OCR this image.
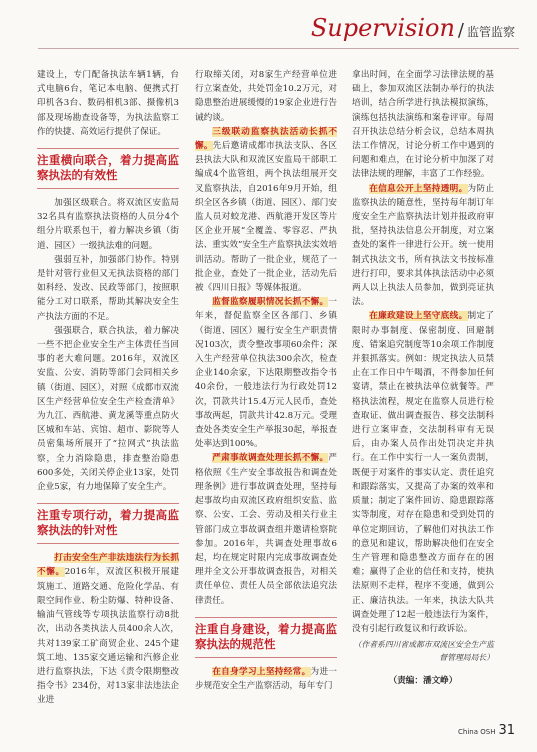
Supervision / 监管监察

建设上，专门配备执法车辆1辆，台式电脑6台，笔记本电脑、便携式打印机各3台、数码相机3部、摄像机3部及现场勘查设备等，为执法监察工作的快捷、高效运行提供了保证。

注重横向联合，着力提高监察执法的有效性

加强区级联合。将双流区安监局32名具有监察执法资格的人员分4个组分片联系包干，着力解决乡镇（街道、园区）一级执法难的问题。

强弱互补，加强部门协作。特别是针对管行业但又无执法资格的部门如科经、发改、民政等部门，按照职能分工对口联系，帮助其解决安全生产执法方面的不足。

强强联合，联合执法，着力解决一些不把企业安全生产主体责任当回事的老大难问题。2016年，双流区安监、公安、消防等部门会同相关乡镇（街道、园区），对照《成都市双流区生产经营单位安全生产检查清单》为九江、西航港、黄龙溪等重点防火区城和车站、宾馆、超市、影院等人员密集场所展开了“拉网式”执法监察，全力消除隐患，排查整治隐患600多处，关闭关停企业13家，处罚企业5家，有力地保障了安全生产。

注重专项行动，着力提高监察执法的针对性

打击安全生产非法违法行为长抓不懈。2016年，双流区积极开展建筑施工、道路交通、危险化学品、有限空间作业、粉尘防爆、特种设备、输油气管线等专项执法监察行动8批次，出动各类执法人员400余人次，共对139家工矿商贸企业、245个建筑工地、135家交通运输和汽修企业进行监察执法，下达《责令限期整改指令书》234份，对13家非法违法企业进

行取缔关闭，对8家生产经营单位进行立案查处，共处罚金10.2万元，对隐患整治进展缓慢的19家企业进行告诫约谈。

三级联动监察执法活动长抓不懈。先后邀请成都市执法支队、各区县执法大队和双流区安监局干部职工编成4个监管组，两个执法组展开交叉监察执法，自2016年9月开始，组织全区各乡镇（街道、园区）、部门安监人员对蛟龙港、西航港开发区等片区企业开展“全覆盖、零容忍、严执法、重实效”安全生产监察执法实效培训活动。帮助了一批企业，规范了一批企业，查处了一批企业，活动先后被《四川日报》等媒体报道。

监督监察履职情况长抓不懈。一年来，督促监察全区各部门、乡镇（街道、园区）履行安全生产职责情况103次，责令整改事项60余件；深入生产经营单位执法300余次，检查企业140余家，下达限期整改指令书40余份，一般违法行为行政处罚12次，罚款共计15.4万元人民币，查处事故两起，罚款共计42.8万元。受理查处各类安全生产举报30起，举报查处率达到100%。

严肃事故调查处理长抓不懈。严格依照《生产安全事故报告和调查处理条例》进行事故调查处理，坚持每起事故均由双流区政府组织安监、监察、公安、工会、劳动及相关行业主管部门成立事故调查组并邀请检察院参加。2016年，共调查处理事故6起，均在规定时限内完成事故调查处理并全文公开事故调查报告，对相关责任单位、责任人员全部依法追究法律责任。

注重自身建设，着力提高监察执法的规范性

在自身学习上坚持经常。为进一步规范安全生产监察活动，每年专门

拿出时间，在全面学习法律法规的基础上，参加双流区法制办举行的执法培训，结合所学进行执法模拟演练，演练包括执法演练和案卷评审。每周召开执法总结分析会议，总结本周执法工作情况，讨论分析工作中遇到的问题和难点，在讨论分析中加深了对法律法规的理解，丰富了工作经验。

在信息公开上坚持透明。为防止监察执法的随意性，坚持每年制订年度安全生产监察执法计划并报政府审批，坚持执法信息公开制度，对立案查处的案件一律进行公开。统一使用制式执法文书，所有执法文书按标准进行打印，要求其体执法活动中必须两人以上执法人员参加，做到亮证执法。

在廉政建设上坚守底线。制定了限时办事制度、保密制度、回避制度、错案追究制度等10余项工作制度并狠抓落实。例如：规定执法人员禁止在工作日中午喝酒，不得参加任何宴请，禁止在被执法单位就餐等。严格执法流程，规定在监察人员进行检查取证、做出调查报告、移交法制科进行立案审查，交法制科审有无误后，由办案人员作出处罚决定并执行。在工作中实行一人一案负责制，既便于对案件的事实认定、责任追究和跟踪落实，又提高了办案的效率和质量；制定了案件回访、隐患跟踪落实等制度，对存在隐患和受到处罚的单位定期回访，了解他们对执法工作的意见和建议，帮助解决他们在安全生产管理和隐患整改方面存在的困难；赢得了企业的信任和支持，使执法原则不走样，程序不变通，做到公正、廉洁执法。一年来，执法大队共调查处理了12起一般违法行为案件，没有引起行政复议和行政诉讼。

（作者系四川省成都市双流区安全生产监督管理局局长）

（责编：潘文峥）

China OSH 31
